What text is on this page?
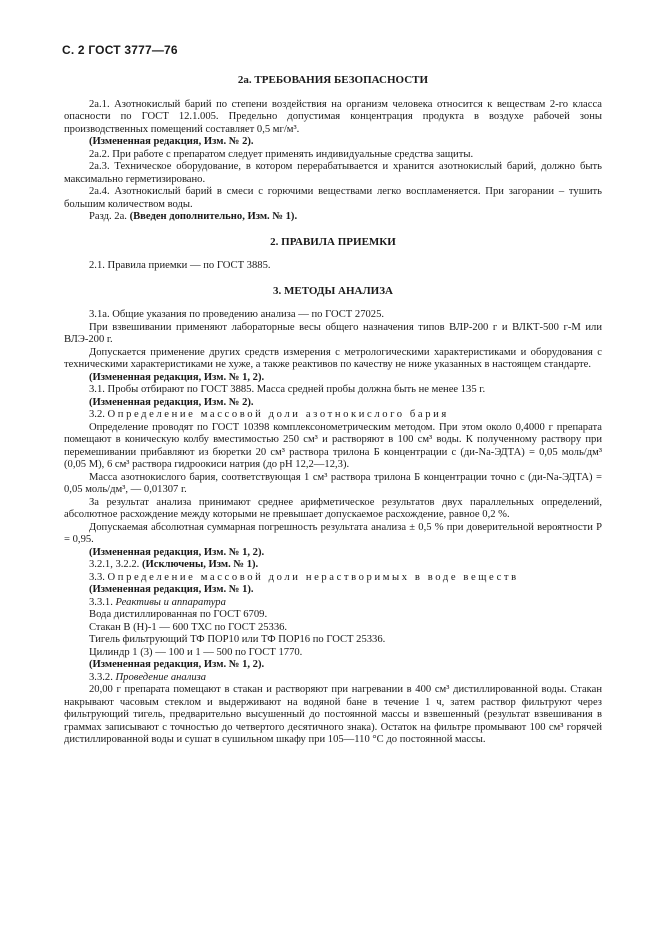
С. 2 ГОСТ 3777—76

2а. ТРЕБОВАНИЯ БЕЗОПАСНОСТИ

2а.1. Азотнокислый барий по степени воздействия на организм человека относится к веществам 2-го класса опасности по ГОСТ 12.1.005. Предельно допустимая концентрация продукта в воздухе рабочей зоны производственных помещений составляет 0,5 мг/м³.

(Измененная редакция, Изм. № 2).

2а.2. При работе с препаратом следует применять индивидуальные средства защиты.

2а.3. Техническое оборудование, в котором перерабатывается и хранится азотнокислый барий, должно быть максимально герметизировано.

2а.4. Азотнокислый барий в смеси с горючими веществами легко воспламеняется. При загорании – тушить большим количеством воды.

Разд. 2а. (Введен дополнительно, Изм. № 1).

2. ПРАВИЛА ПРИЕМКИ

2.1. Правила приемки — по ГОСТ 3885.

3. МЕТОДЫ АНАЛИЗА

3.1а. Общие указания по проведению анализа — по ГОСТ 27025.

При взвешивании применяют лабораторные весы общего назначения типов ВЛР-200 г и ВЛКТ-500 г-М или ВЛЭ-200 г.

Допускается применение других средств измерения с метрологическими характеристиками и оборудования с техническими характеристиками не хуже, а также реактивов по качеству не ниже указанных в настоящем стандарте.

(Измененная редакция, Изм. № 1, 2).

3.1. Пробы отбирают по ГОСТ 3885. Масса средней пробы должна быть не менее 135 г.

(Измененная редакция, Изм. № 2).

3.2. Определение массовой доли азотнокислого бария

Определение проводят по ГОСТ 10398 комплексонометрическим методом. При этом около 0,4000 г препарата помещают в коническую колбу вместимостью 250 см³ и растворяют в 100 см³ воды. К полученному раствору при перемешивании прибавляют из бюретки 20 см³ раствора трилона Б концентрации с (ди-Na-ЭДТА) = 0,05 моль/дм³ (0,05 М), 6 см³ раствора гидроокиси натрия (до рН 12,2—12,3).

Масса азотнокислого бария, соответствующая 1 см³ раствора трилона Б концентрации точно с (ди-Na-ЭДТА) = 0,05 моль/дм³, — 0,01307 г.

За результат анализа принимают среднее арифметическое результатов двух параллельных определений, абсолютное расхождение между которыми не превышает допускаемое расхождение, равное 0,2 %.

Допускаемая абсолютная суммарная погрешность результата анализа ± 0,5 % при доверительной вероятности P = 0,95.

(Измененная редакция, Изм. № 1, 2).

3.2.1, 3.2.2. (Исключены, Изм. № 1).

3.3. Определение массовой доли нерастворимых в воде веществ

(Измененная редакция, Изм. № 1).

3.3.1. Реактивы и аппаратура

Вода дистиллированная по ГОСТ 6709.

Стакан В (Н)-1 — 600 ТХС по ГОСТ 25336.

Тигель фильтрующий ТФ ПОР10 или ТФ ПОР16 по ГОСТ 25336.

Цилиндр 1 (3) — 100 и 1 — 500 по ГОСТ 1770.

(Измененная редакция, Изм. № 1, 2).

3.3.2. Проведение анализа

20,00 г препарата помещают в стакан и растворяют при нагревании в 400 см³ дистиллированной воды. Стакан накрывают часовым стеклом и выдерживают на водяной бане в течение 1 ч, затем раствор фильтруют через фильтрующий тигель, предварительно высушенный до постоянной массы и взвешенный (результат взвешивания в граммах записывают с точностью до четвертого десятичного знака). Остаток на фильтре промывают 100 см³ горячей дистиллированной воды и сушат в сушильном шкафу при 105—110 °С до постоянной массы.
